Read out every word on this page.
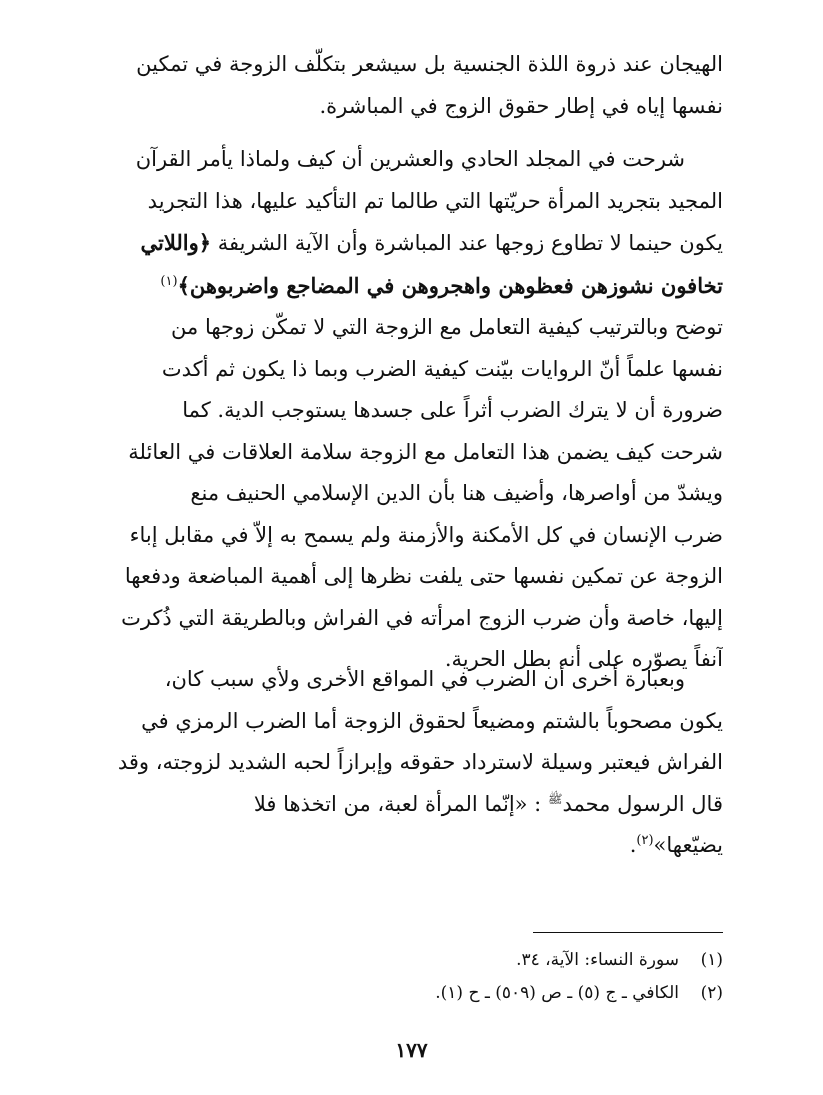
الهيجان عند ذروة اللذة الجنسية بل سيشعر بتكلّف الزوجة في تمكين
نفسها إياه في إطار حقوق الزوج في المباشرة.
شرحت في المجلد الحادي والعشرين أن كيف ولماذا يأمر القرآن
المجيد بتجريد المرأة حريّتها التي طالما تم التأكيد عليها، هذا التجريد
يكون حينما لا تطاوع زوجها عند المباشرة وأن الآية الشريفة ﴿واللاتي
تخافون نشوزهن فعظوهن واهجروهن في المضاجع واضربوهن﴾$^{(١)}$
توضح وبالترتيب كيفية التعامل مع الزوجة التي لا تمكّن زوجها من
نفسها علماً أنّ الروايات بيّنت كيفية الضرب وبما ذا يكون ثم أكدت
ضرورة أن لا يترك الضرب أثراً على جسدها يستوجب الدية. كما
شرحت كيف يضمن هذا التعامل مع الزوجة سلامة العلاقات في العائلة
ويشدّ من أواصرها، وأضيف هنا بأن الدين الإسلامي الحنيف منع
ضرب الإنسان في كل الأمكنة والأزمنة ولم يسمح به إلاّ في مقابل إباء
الزوجة عن تمكين نفسها حتى يلفت نظرها إلى أهمية المباضعة ودفعها
إليها، خاصة وأن ضرب الزوج امرأته في الفراش وبالطريقة التي ذُكرت
آنفاً يصوّره على أنه بطل الحرية.
وبعبارة أخرى أن الضرب في المواقع الأخرى ولأي سبب كان،
يكون مصحوباً بالشتم ومضيعاً لحقوق الزوجة أما الضرب الرمزي في
الفراش فيعتبر وسيلة لاسترداد حقوقه وإبرازاً لحبه الشديد لزوجته، وقد
قال الرسول محمد$^ﷺ$ : «إنّما المرأة لعبة، من اتخذها فلا
يضيّعها»$^{(٢)}$.
(١)
سورة النساء: الآية، ٣٤.
(٢)
الكافي ـ ج (٥) ـ ص (٥٠٩) ـ ح (١).
١٧٧
